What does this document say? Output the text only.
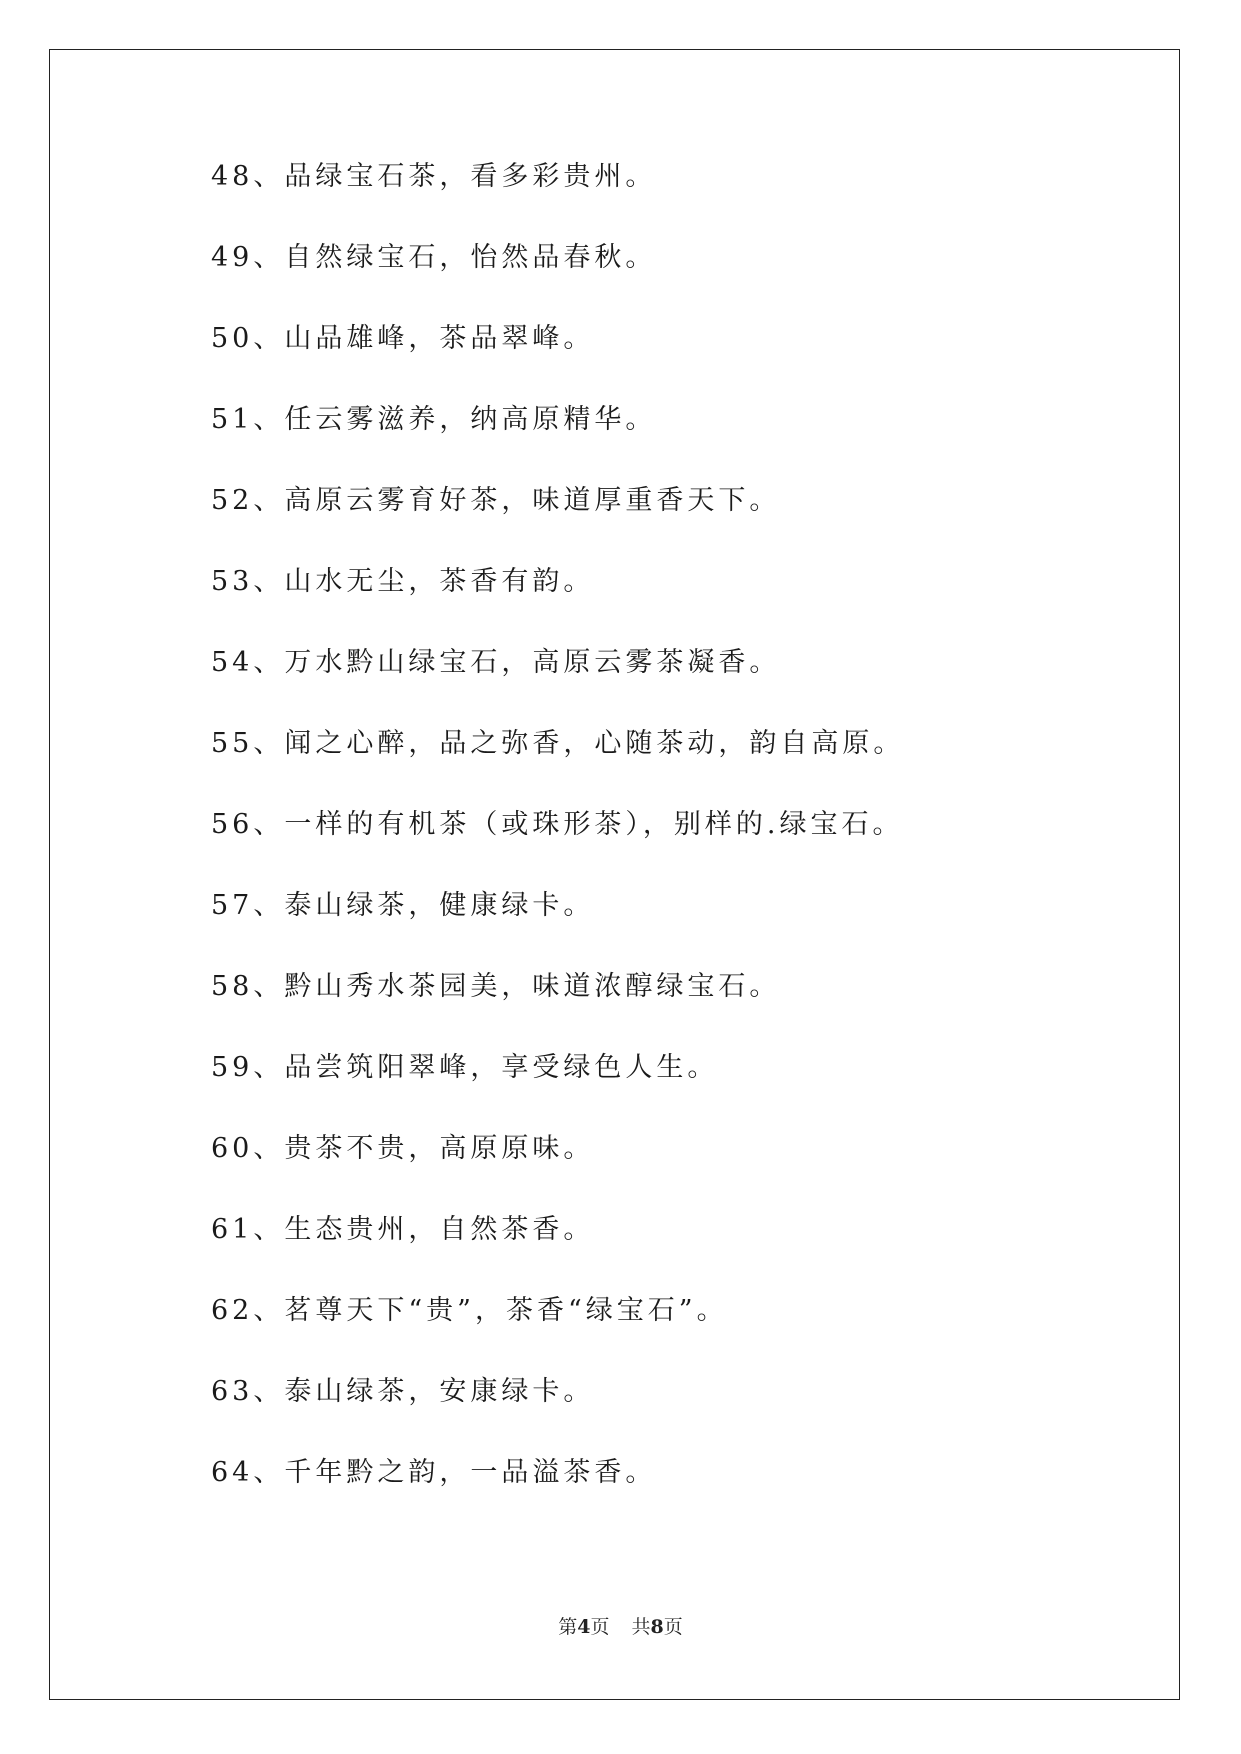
48、品绿宝石茶，看多彩贵州。
49、自然绿宝石，怡然品春秋。
50、山品雄峰，茶品翠峰。
51、任云雾滋养，纳高原精华。
52、高原云雾育好茶，味道厚重香天下。
53、山水无尘，茶香有韵。
54、万水黔山绿宝石，高原云雾茶凝香。
55、闻之心醉，品之弥香，心随茶动，韵自高原。
56、一样的有机茶（或珠形茶），别样的.绿宝石。
57、泰山绿茶，健康绿卡。
58、黔山秀水茶园美，味道浓醇绿宝石。
59、品尝筑阳翠峰，享受绿色人生。
60、贵茶不贵，高原原味。
61、生态贵州，自然茶香。
62、茗尊天下“贵”，茶香“绿宝石”。
63、泰山绿茶，安康绿卡。
64、千年黔之韵，一品溢茶香。
第4页 共8页
